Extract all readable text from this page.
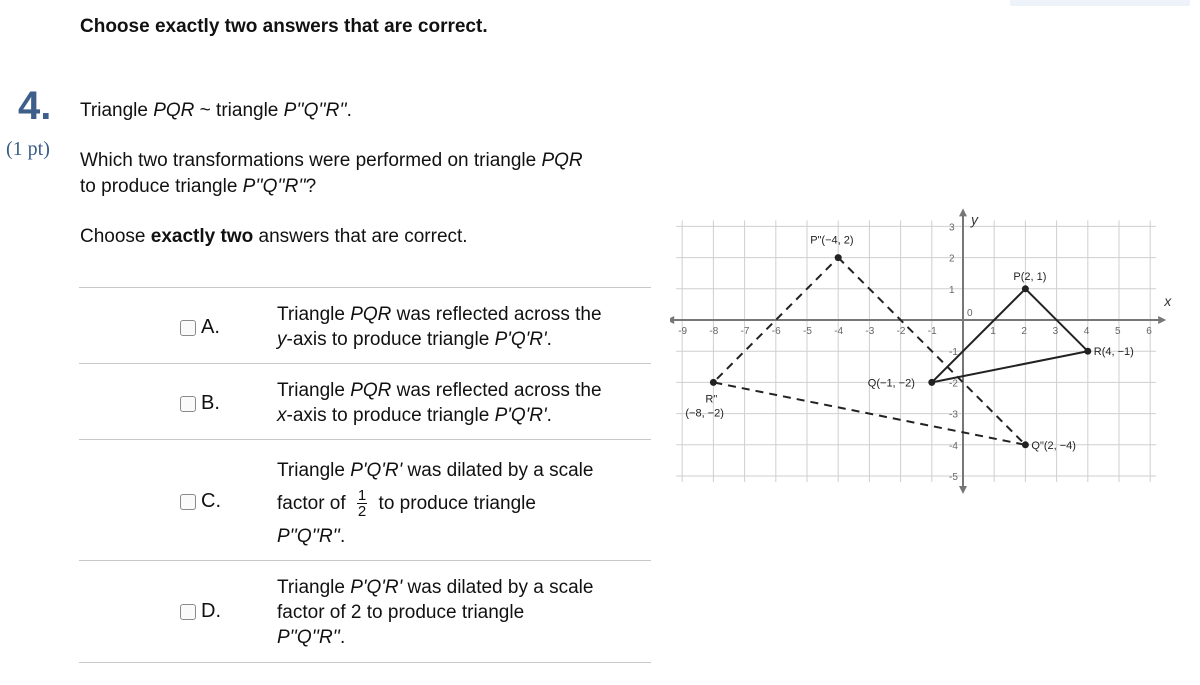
Choose exactly two answers that are correct.
4.
(1 pt)
Triangle PQR ~ triangle P''Q''R''.
Which two transformations were performed on triangle PQR
to produce triangle P''Q''R''?
Choose exactly two answers that are correct.
A.
Triangle PQR was reflected across the
y-axis to produce triangle P'Q'R'.
B.
Triangle PQR was reflected across the
x-axis to produce triangle P'Q'R'.
C.
Triangle P'Q'R' was dilated by a scale
factor of $\frac{1}{2}$ to produce triangle
P''Q''R''.
D.
Triangle P'Q'R' was dilated by a scale
factor of 2 to produce triangle
P''Q''R''.
x
y
-9 -8 -7 -6 -5 -4 -3 -2 -1
0
1	2	3	4	5	6
3
2
1
-1
-2
-3
-4
-5
P(2, 1)
Q(−1, −2)
R(4, −1)
P"(−4, 2)
Q"(2, −4)
R"
(−8, −2)
